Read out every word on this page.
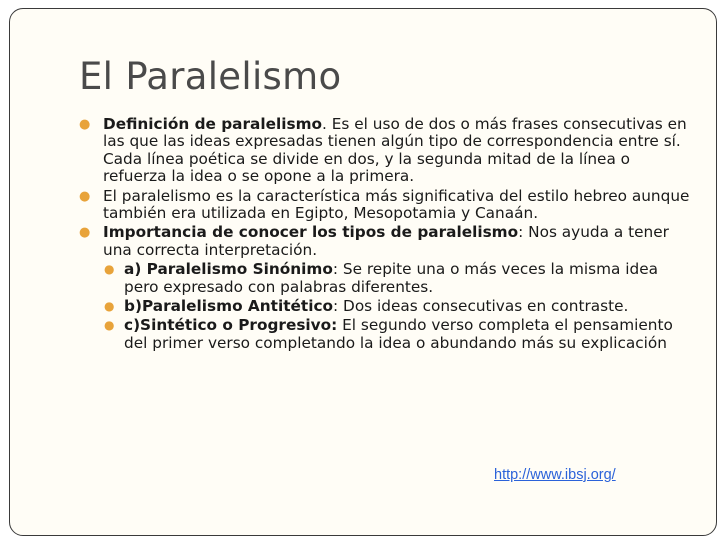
El Paralelismo
● Definición de paralelismo. Es el uso de dos o más frases consecutivas en las que las ideas expresadas tienen algún tipo de correspondencia entre sí. Cada línea poética se divide en dos, y la segunda mitad de la línea o refuerza la idea o se opone a la primera.
● El paralelismo es la característica más significativa del estilo hebreo aunque también era utilizada en Egipto, Mesopotamia y Canaán.
● Importancia de conocer los tipos de paralelismo: Nos ayuda a tener una correcta interpretación.
● a) Paralelismo Sinónimo: Se repite una o más veces la misma idea pero expresado con palabras diferentes.
● b)Paralelismo Antitético: Dos ideas consecutivas en contraste.
● c)Sintético o Progresivo: El segundo verso completa el pensamiento del primer verso completando la idea o abundando más su explicación
http://www.ibsj.org/
